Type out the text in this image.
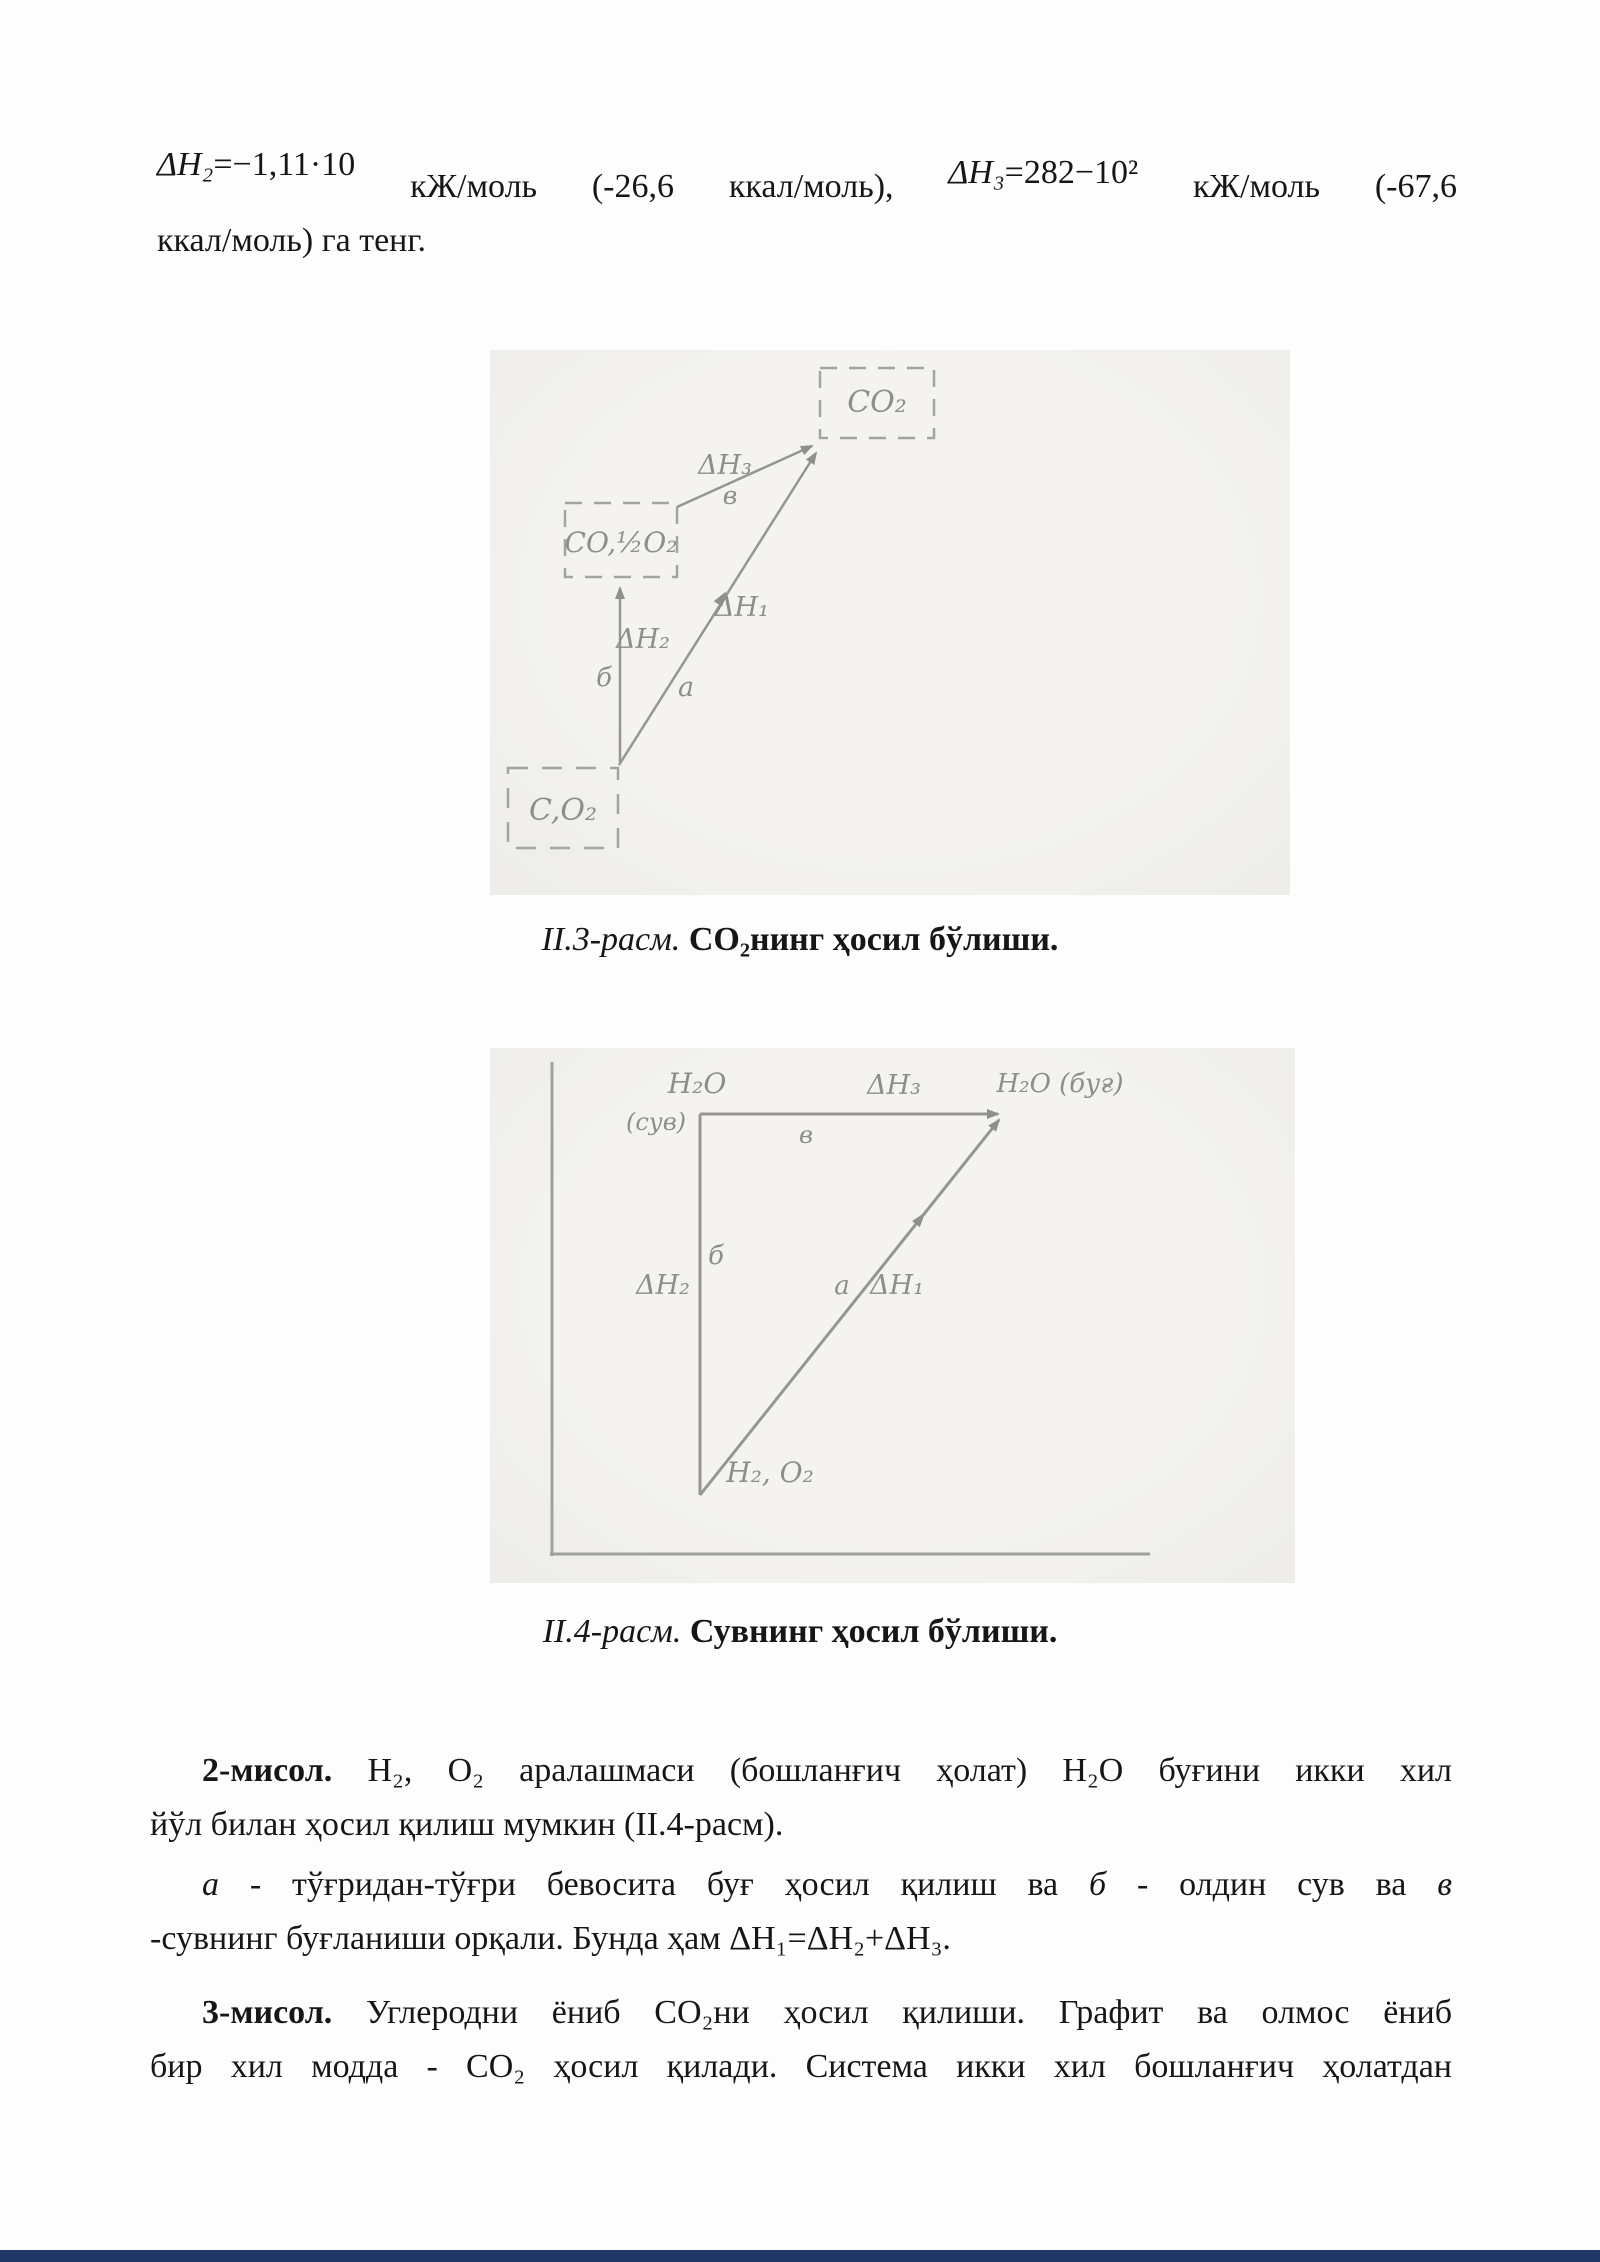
ΔH₂=−1,11·10
кЖ/моль (-26,6 ккал/моль), ΔH₃=282−10² кЖ/моль (-67,6
ккал/моль) га тенг.
CO₂
CO,½O₂
C,O₂
ΔH₃
в
ΔH₁
a
ΔH₂
б
II.3-расм. CO₂нинг ҳосил бўлиши.
H₂O
(сув)
ΔH₃
в
H₂O (буғ)
б
ΔH₂	a ΔH₁
H₂, O₂
II.4-расм. Сувнинг ҳосил бўлиши.
2-мисол. H₂, O₂ аралашмаси (бошланғич ҳолат) H₂O буғини икки хил
йўл билан ҳосил қилиш мумкин (II.4-расм).
а - тўғридан-тўғри бевосита буғ ҳосил қилиш ва б - олдин сув ва в
-сувнинг буғланиши орқали. Бунда ҳам ΔH₁=ΔH₂+ΔH₃.
3-мисол. Углеродни ёниб CO₂ни ҳосил қилиши. Графит ва олмос ёниб
бир хил модда - CO₂ ҳосил қилади. Система икки хил бошланғич ҳолатдан
